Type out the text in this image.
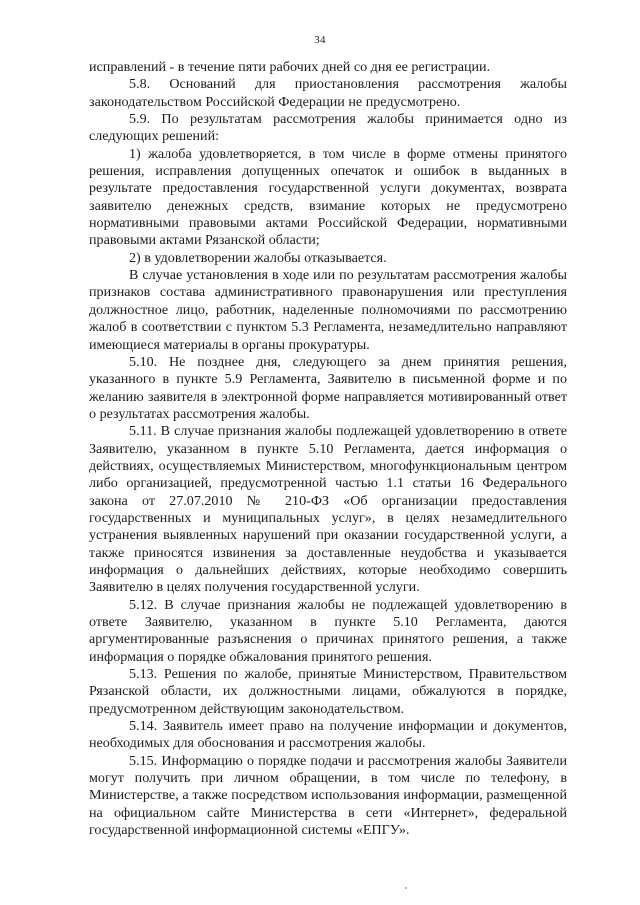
34

исправлений - в течение пяти рабочих дней со дня ее регистрации.

5.8. Оснований для приостановления рассмотрения жалобы законодательством Российской Федерации не предусмотрено.

5.9. По результатам рассмотрения жалобы принимается одно из следующих решений:

1) жалоба удовлетворяется, в том числе в форме отмены принятого решения, исправления допущенных опечаток и ошибок в выданных в результате предоставления государственной услуги документах, возврата заявителю денежных средств, взимание которых не предусмотрено нормативными правовыми актами Российской Федерации, нормативными правовыми актами Рязанской области;

2) в удовлетворении жалобы отказывается.

В случае установления в ходе или по результатам рассмотрения жалобы признаков состава административного правонарушения или преступления должностное лицо, работник, наделенные полномочиями по рассмотрению жалоб в соответствии с пунктом 5.3 Регламента, незамедлительно направляют имеющиеся материалы в органы прокуратуры.

5.10. Не позднее дня, следующего за днем принятия решения, указанного в пункте 5.9 Регламента, Заявителю в письменной форме и по желанию заявителя в электронной форме направляется мотивированный ответ о результатах рассмотрения жалобы.

5.11. В случае признания жалобы подлежащей удовлетворению в ответе Заявителю, указанном в пункте 5.10 Регламента, дается информация о действиях, осуществляемых Министерством, многофункциональным центром либо организацией, предусмотренной частью 1.1 статьи 16 Федерального закона от 27.07.2010 № 210-ФЗ «Об организации предоставления государственных и муниципальных услуг», в целях незамедлительного устранения выявленных нарушений при оказании государственной услуги, а также приносятся извинения за доставленные неудобства и указывается информация о дальнейших действиях, которые необходимо совершить Заявителю в целях получения государственной услуги.

5.12. В случае признания жалобы не подлежащей удовлетворению в ответе Заявителю, указанном в пункте 5.10 Регламента, даются аргументированные разъяснения о причинах принятого решения, а также информация о порядке обжалования принятого решения.

5.13. Решения по жалобе, принятые Министерством, Правительством Рязанской области, их должностными лицами, обжалуются в порядке, предусмотренном действующим законодательством.

5.14. Заявитель имеет право на получение информации и документов, необходимых для обоснования и рассмотрения жалобы.

5.15. Информацию о порядке подачи и рассмотрения жалобы Заявители могут получить при личном обращении, в том числе по телефону, в Министерстве, а также посредством использования информации, размещенной на официальном сайте Министерства в сети «Интернет», федеральной государственной информационной системы «ЕПГУ».
